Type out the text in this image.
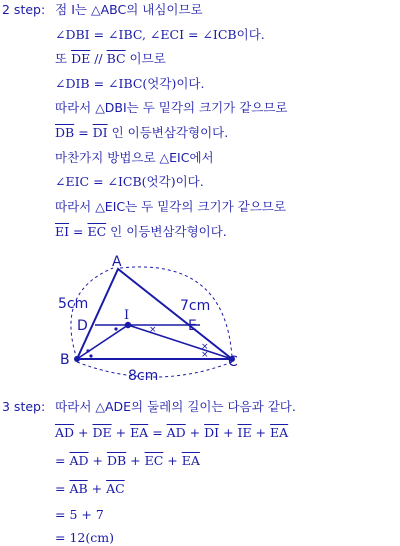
2 step: 점 I는 △ABC의 내심이므로
∠DBI = ∠IBC, ∠ECI = ∠ICB이다.
또 $\overline{DE} // \overline{BC}$ 이므로
∠DIB = ∠IBC(엇각)이다.
따라서 △DBI는 두 밑각의 크기가 같으므로
$\overline{DB} = \overline{DI}$ 인 이등변삼각형이다.
마찬가지 방법으로 △EIC에서
∠EIC = ∠ICB(엇각)이다.
따라서 △EIC는 두 밑각의 크기가 같으므로
$\overline{EI} = \overline{EC}$ 인 이등변삼각형이다.
×
×
×
A
B	C
D	E
I
5cm	7cm
8cm
3 step: 따라서 △ADE의 둘레의 길이는 다음과 같다.
$\overline{AD} + \overline{DE} + \overline{EA} = \overline{AD} + \overline{DI} + \overline{IE} + \overline{EA}$
= $\overline{AD} + \overline{DB} + \overline{EC} + \overline{EA}$
= $\overline{AB} + \overline{AC}$
= 5 + 7
= 12(cm)
